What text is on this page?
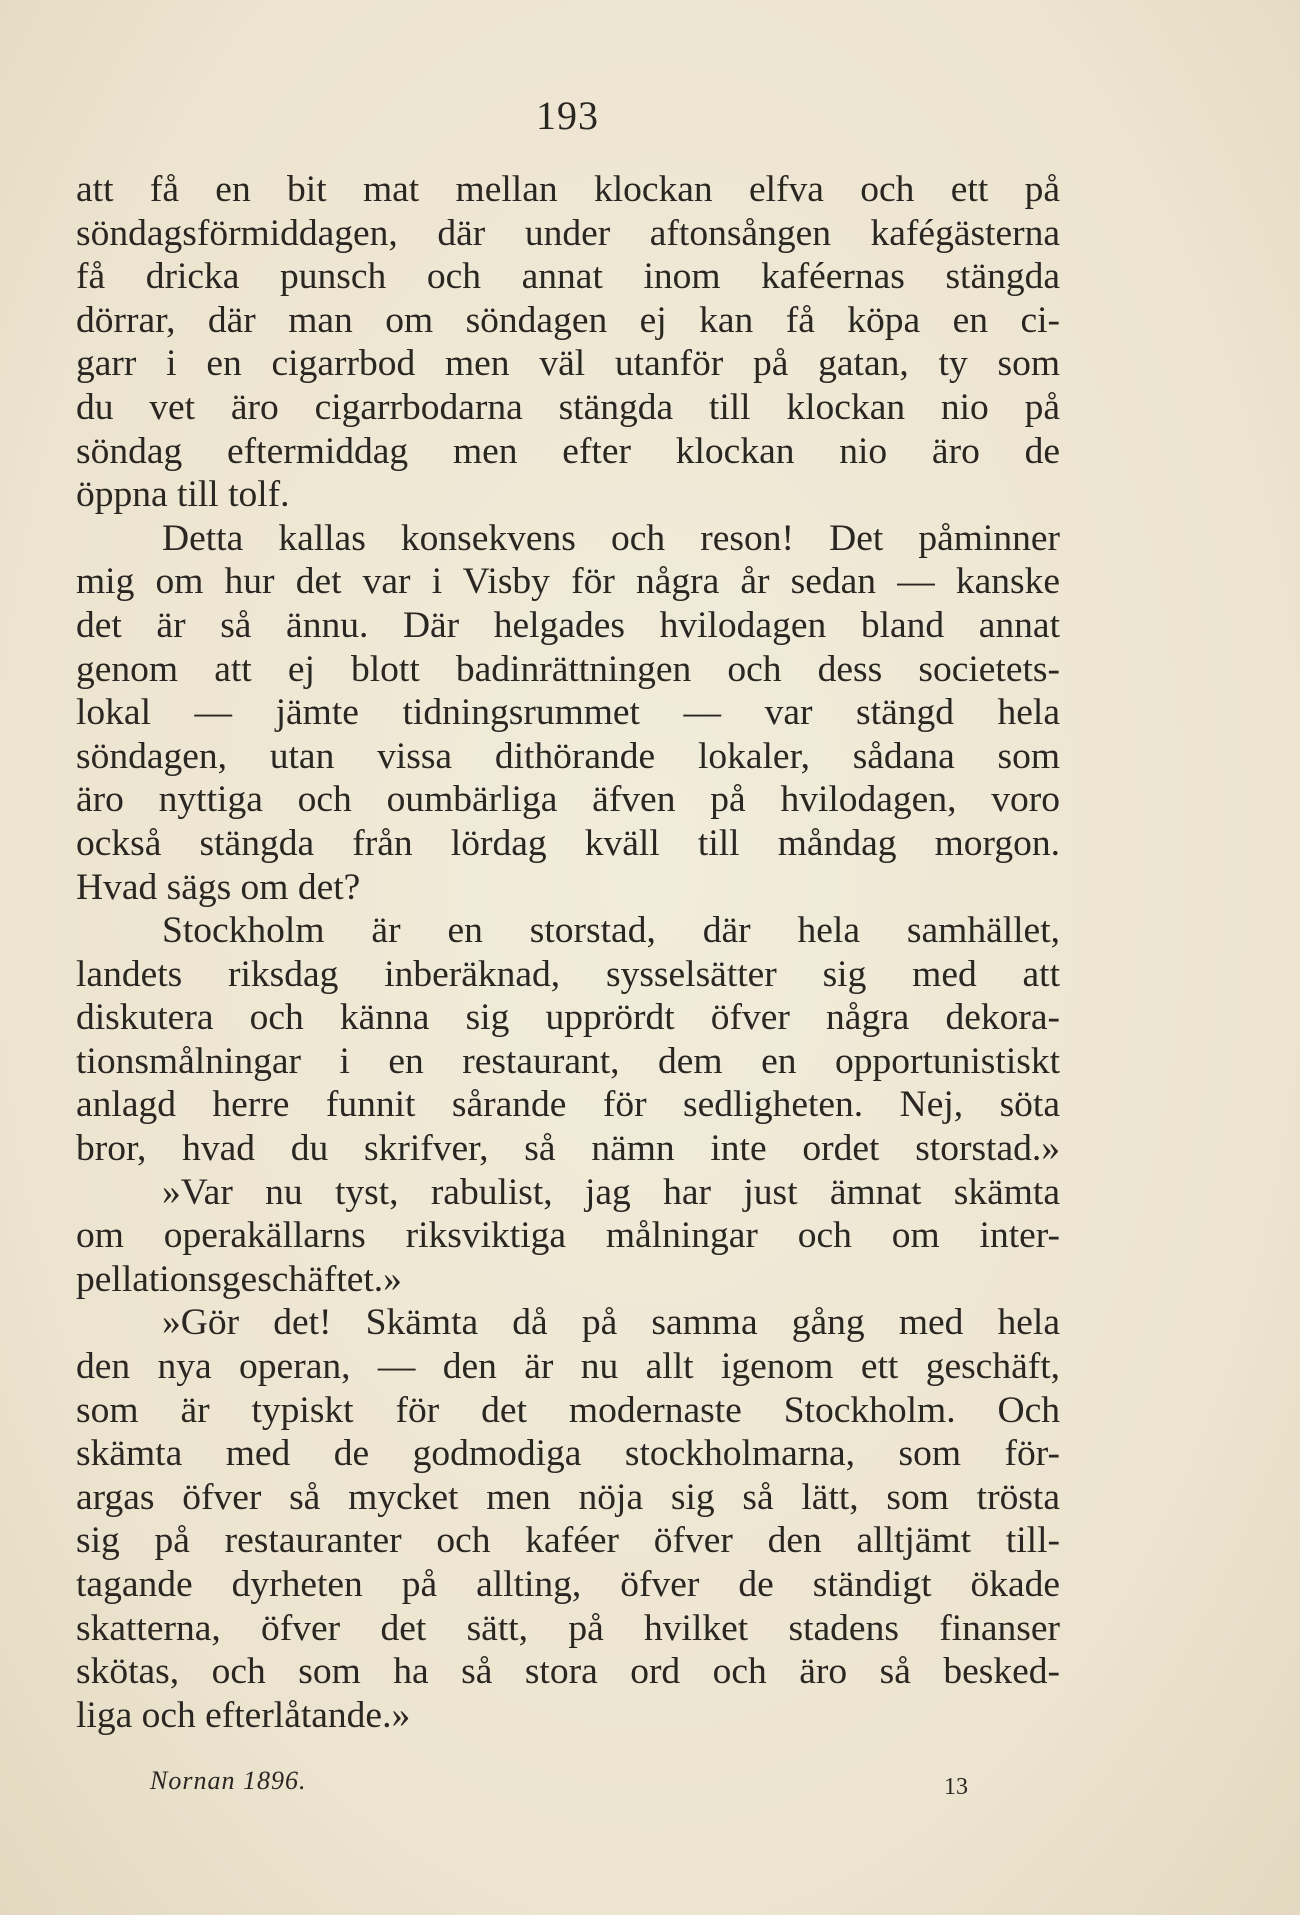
193
att få en bit mat mellan klockan elfva och ett på
söndagsförmiddagen, där under aftonsången kafégästerna
få dricka punsch och annat inom kaféernas stängda
dörrar, där man om söndagen ej kan få köpa en ci-
garr i en cigarrbod men väl utanför på gatan, ty som
du vet äro cigarrbodarna stängda till klockan nio på
söndag eftermiddag men efter klockan nio äro de
öppna till tolf.
Detta kallas konsekvens och reson! Det påminner
mig om hur det var i Visby för några år sedan — kanske
det är så ännu. Där helgades hvilodagen bland annat
genom att ej blott badinrättningen och dess societets-
lokal — jämte tidningsrummet — var stängd hela
söndagen, utan vissa dithörande lokaler, sådana som
äro nyttiga och oumbärliga äfven på hvilodagen, voro
också stängda från lördag kväll till måndag morgon.
Hvad sägs om det?
Stockholm är en storstad, där hela samhället,
landets riksdag inberäknad, sysselsätter sig med att
diskutera och känna sig upprördt öfver några dekora-
tionsmålningar i en restaurant, dem en opportunistiskt
anlagd herre funnit sårande för sedligheten. Nej, söta
bror, hvad du skrifver, så nämn inte ordet storstad.»
»Var nu tyst, rabulist, jag har just ämnat skämta
om operakällarns riksviktiga målningar och om inter-
pellationsgeschäftet.»
»Gör det! Skämta då på samma gång med hela
den nya operan, — den är nu allt igenom ett geschäft,
som är typiskt för det modernaste Stockholm. Och
skämta med de godmodiga stockholmarna, som för-
argas öfver så mycket men nöja sig så lätt, som trösta
sig på restauranter och kaféer öfver den alltjämt till-
tagande dyrheten på allting, öfver de ständigt ökade
skatterna, öfver det sätt, på hvilket stadens finanser
skötas, och som ha så stora ord och äro så besked-
liga och efterlåtande.»
Nornan 1896.	13
